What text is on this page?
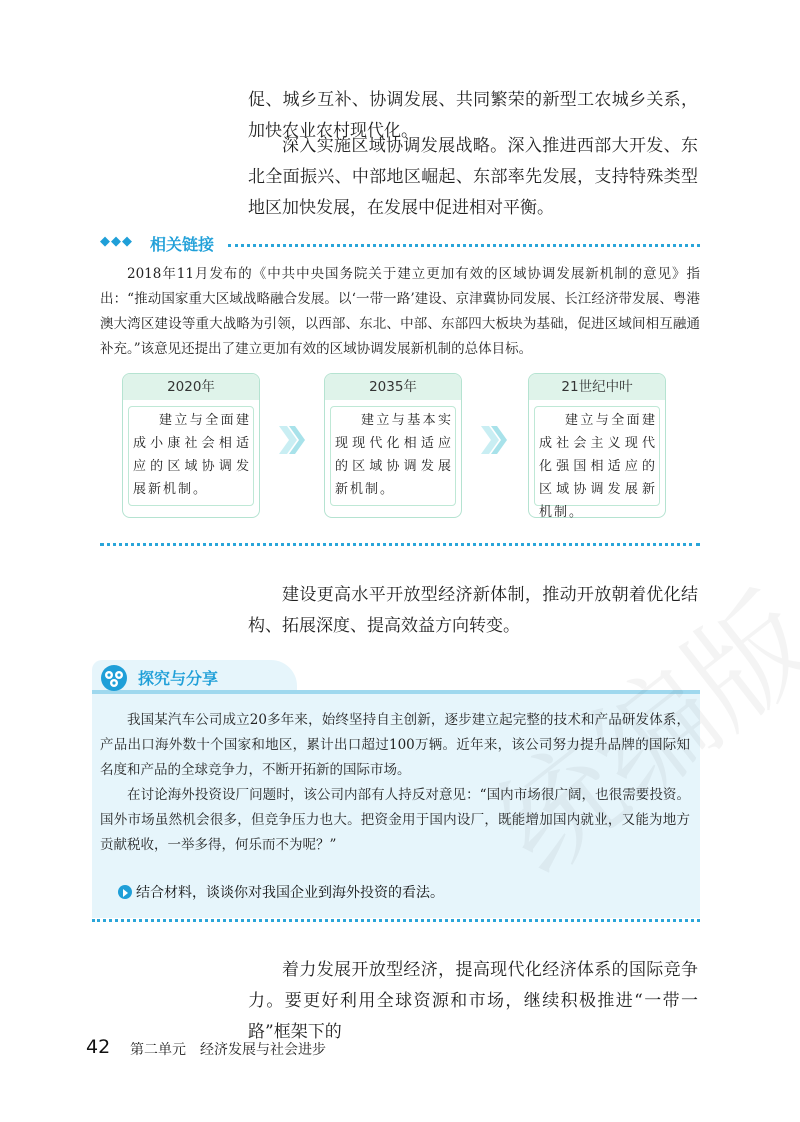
促、城乡互补、协调发展、共同繁荣的新型工农城乡关系，加快农业农村现代化。

深入实施区域协调发展战略。深入推进西部大开发、东北全面振兴、中部地区崛起、东部率先发展，支持特殊类型地区加快发展，在发展中促进相对平衡。

◆◆◆ 相关链接

2018年11月发布的《中共中央国务院关于建立更加有效的区域协调发展新机制的意见》指出：“推动国家重大区域战略融合发展。以‘一带一路’建设、京津冀协同发展、长江经济带发展、粤港澳大湾区建设等重大战略为引领，以西部、东北、中部、东部四大板块为基础，促进区域间相互融通补充。”该意见还提出了建立更加有效的区域协调发展新机制的总体目标。

2020年
建立与全面建成小康社会相适应的区域协调发展新机制。
2035年
建立与基本实现现代化相适应的区域协调发展新机制。
21世纪中叶
建立与全面建成社会主义现代化强国相适应的区域协调发展新机制。

建设更高水平开放型经济新体制，推动开放朝着优化结构、拓展深度、提高效益方向转变。

探究与分享

我国某汽车公司成立20多年来，始终坚持自主创新，逐步建立起完整的技术和产品研发体系，产品出口海外数十个国家和地区，累计出口超过100万辆。近年来，该公司努力提升品牌的国际知名度和产品的全球竞争力，不断开拓新的国际市场。

在讨论海外投资设厂问题时，该公司内部有人持反对意见：“国内市场很广阔，也很需要投资。国外市场虽然机会很多，但竞争压力也大。把资金用于国内设厂，既能增加国内就业，又能为地方贡献税收，一举多得，何乐而不为呢？”

结合材料，谈谈你对我国企业到海外投资的看法。

着力发展开放型经济，提高现代化经济体系的国际竞争力。要更好利用全球资源和市场，继续积极推进“一带一路”框架下的

42 第二单元　经济发展与社会进步
